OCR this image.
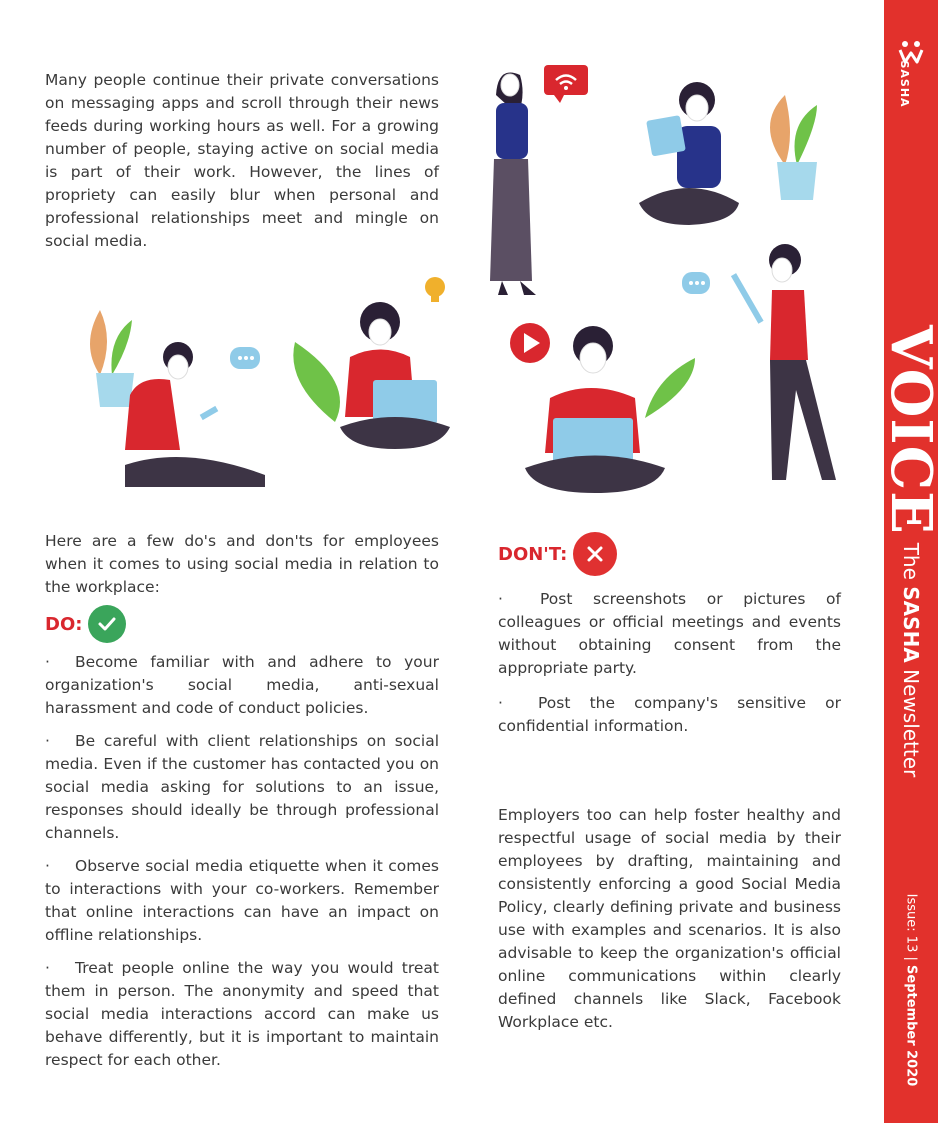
Many people continue their private conversations on messaging apps and scroll through their news feeds during working hours as well. For a growing number of people, staying active on social media is part of their work. However, the lines of propriety can easily blur when personal and professional relationships meet and mingle on social media.

Here are a few do's and don'ts for employees when it comes to using social media in relation to the workplace:

DO:

· Become familiar with and adhere to your organization's social media, anti-sexual harassment and code of conduct policies.

· Be careful with client relationships on social media. Even if the customer has contacted you on social media asking for solutions to an issue, responses should ideally be through professional channels.

· Observe social media etiquette when it comes to interactions with your co-workers. Remember that online interactions can have an impact on offline relationships.

· Treat people online the way you would treat them in person. The anonymity and speed that social media interactions accord can make us behave differently, but it is important to maintain respect for each other.

DON'T:

· Post screenshots or pictures of colleagues or official meetings and events without obtaining consent from the appropriate party.

· Post the company's sensitive or confidential information.

Employers too can help foster healthy and respectful usage of social media by their employees by drafting, maintaining and consistently enforcing a good Social Media Policy, clearly defining private and business use with examples and scenarios. It is also advisable to keep the organization's official online communications within clearly defined channels like Slack, Facebook Workplace etc.

SASHA
VOICE
The SASHA Newsletter
Issue: 13 | September 2020
